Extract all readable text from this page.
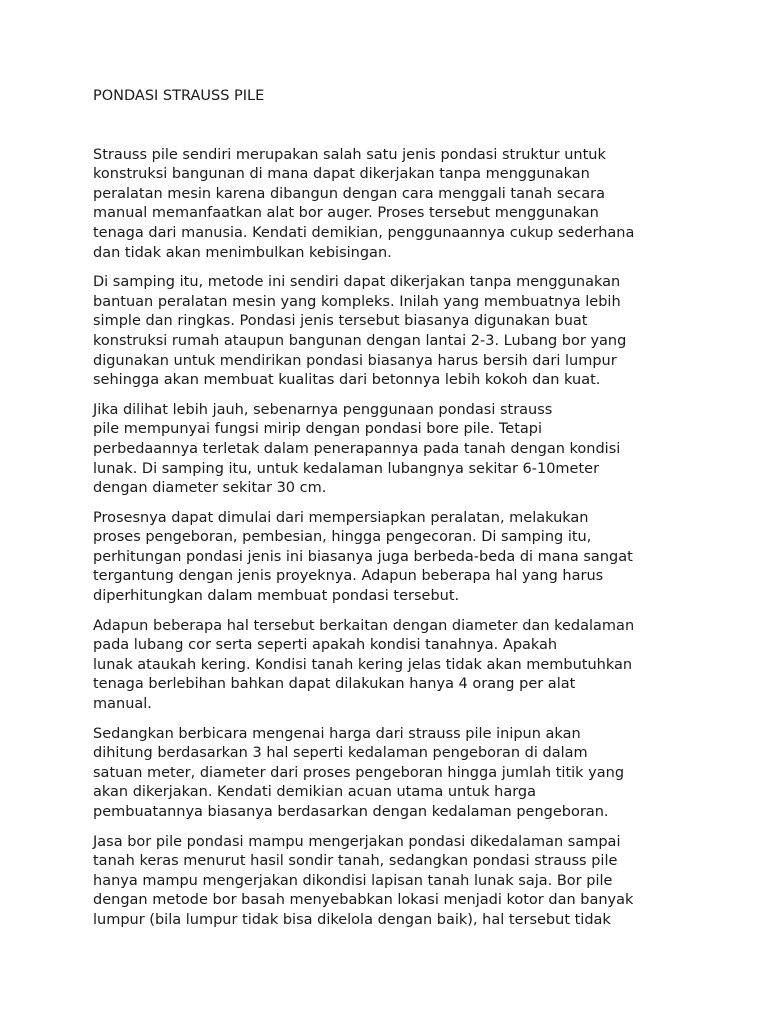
PONDASI STRAUSS PILE

Strauss pile sendiri merupakan salah satu jenis pondasi struktur untuk
konstruksi bangunan di mana dapat dikerjakan tanpa menggunakan
peralatan mesin karena dibangun dengan cara menggali tanah secara
manual memanfaatkan alat bor auger. Proses tersebut menggunakan
tenaga dari manusia. Kendati demikian, penggunaannya cukup sederhana
dan tidak akan menimbulkan kebisingan.

Di samping itu, metode ini sendiri dapat dikerjakan tanpa menggunakan
bantuan peralatan mesin yang kompleks. Inilah yang membuatnya lebih
simple dan ringkas. Pondasi jenis tersebut biasanya digunakan buat
konstruksi rumah ataupun bangunan dengan lantai 2-3. Lubang bor yang
digunakan untuk mendirikan pondasi biasanya harus bersih dari lumpur
sehingga akan membuat kualitas dari betonnya lebih kokoh dan kuat.

Jika dilihat lebih jauh, sebenarnya penggunaan pondasi strauss
pile mempunyai fungsi mirip dengan pondasi bore pile. Tetapi
perbedaannya terletak dalam penerapannya pada tanah dengan kondisi
lunak. Di samping itu, untuk kedalaman lubangnya sekitar 6-10meter
dengan diameter sekitar 30 cm.

Prosesnya dapat dimulai dari mempersiapkan peralatan, melakukan
proses pengeboran, pembesian, hingga pengecoran. Di samping itu,
perhitungan pondasi jenis ini biasanya juga berbeda-beda di mana sangat
tergantung dengan jenis proyeknya. Adapun beberapa hal yang harus
diperhitungkan dalam membuat pondasi tersebut.

Adapun beberapa hal tersebut berkaitan dengan diameter dan kedalaman
pada lubang cor serta seperti apakah kondisi tanahnya. Apakah
lunak ataukah kering. Kondisi tanah kering jelas tidak akan membutuhkan
tenaga berlebihan bahkan dapat dilakukan hanya 4 orang per alat
manual.

Sedangkan berbicara mengenai harga dari strauss pile inipun akan
dihitung berdasarkan 3 hal seperti kedalaman pengeboran di dalam
satuan meter, diameter dari proses pengeboran hingga jumlah titik yang
akan dikerjakan. Kendati demikian acuan utama untuk harga
pembuatannya biasanya berdasarkan dengan kedalaman pengeboran.

Jasa bor pile pondasi mampu mengerjakan pondasi dikedalaman sampai
tanah keras menurut hasil sondir tanah, sedangkan pondasi strauss pile
hanya mampu mengerjakan dikondisi lapisan tanah lunak saja. Bor pile
dengan metode bor basah menyebabkan lokasi menjadi kotor dan banyak
lumpur (bila lumpur tidak bisa dikelola dengan baik), hal tersebut tidak
